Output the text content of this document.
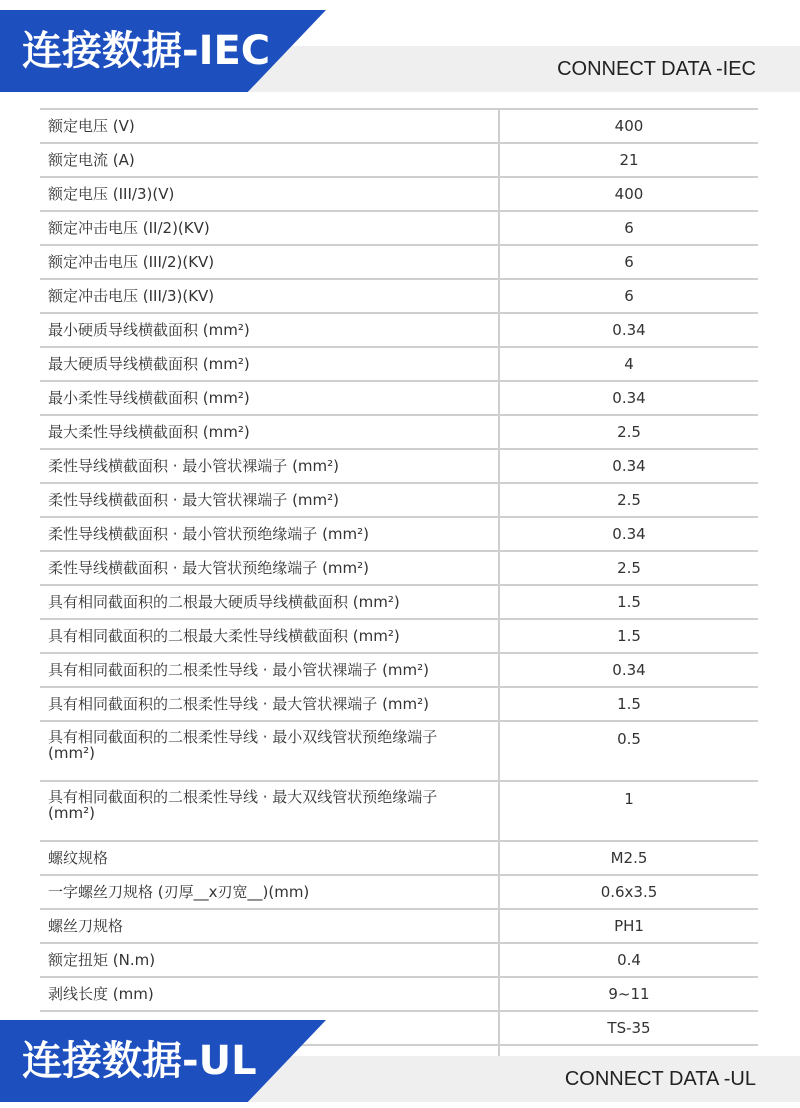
连接数据-IEC	CONNECT DATA -IEC
额定电压 (V)	400
额定电流 (A)	21
额定电压 (III/3)(V)	400
额定冲击电压 (II/2)(KV)	6
额定冲击电压 (III/2)(KV)	6
额定冲击电压 (III/3)(KV)	6
最小硬质导线横截面积 (mm²)	0.34
最大硬质导线横截面积 (mm²)	4
最小柔性导线横截面积 (mm²)	0.34
最大柔性导线横截面积 (mm²)	2.5
柔性导线横截面积 · 最小管状裸端子 (mm²)	0.34
柔性导线横截面积 · 最大管状裸端子 (mm²)	2.5
柔性导线横截面积 · 最小管状预绝缘端子 (mm²)	0.34
柔性导线横截面积 · 最大管状预绝缘端子 (mm²)	2.5
具有相同截面积的二根最大硬质导线横截面积 (mm²)	1.5
具有相同截面积的二根最大柔性导线横截面积 (mm²)	1.5
具有相同截面积的二根柔性导线 · 最小管状裸端子 (mm²)	0.34
具有相同截面积的二根柔性导线 · 最大管状裸端子 (mm²)	1.5
具有相同截面积的二根柔性导线 · 最小双线管状预绝缘端子 (mm²)	0.5
具有相同截面积的二根柔性导线 · 最大双线管状预绝缘端子 (mm²)	1
螺纹规格	M2.5
一字螺丝刀规格 (刃厚__x刃宽__)(mm)	0.6x3.5
螺丝刀规格	PH1
额定扭矩 (N.m)	0.4
剥线长度 (mm)	9~11
	TS-35

连接数据-UL	CONNECT DATA -UL
